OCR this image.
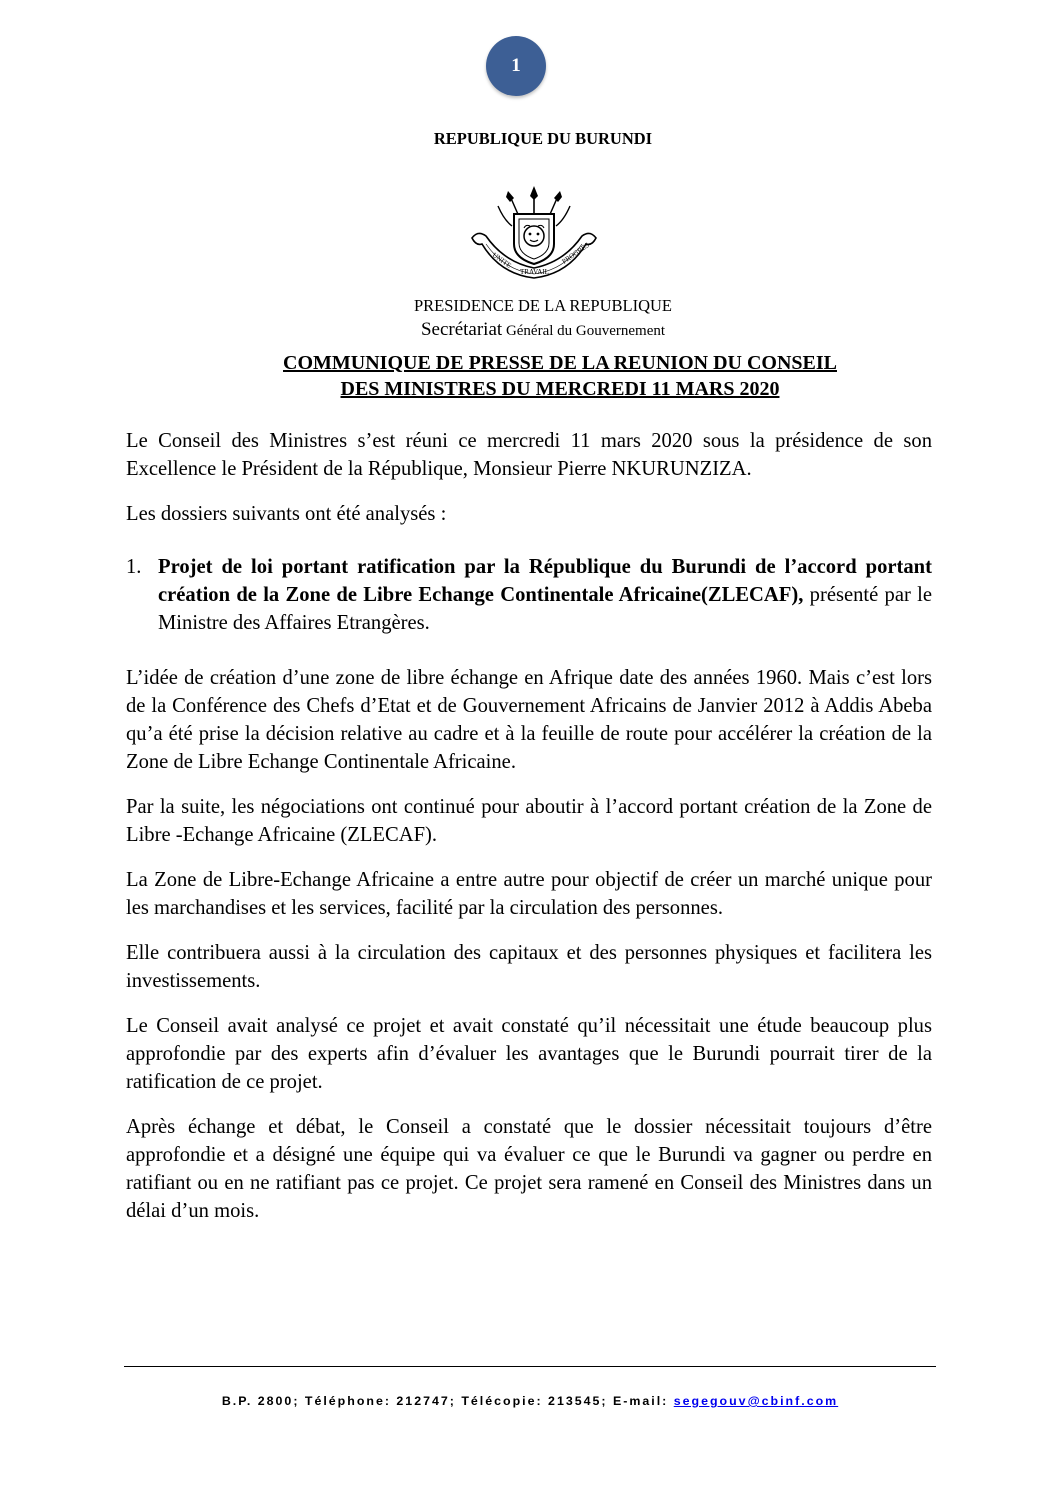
1
REPUBLIQUE DU BURUNDI
UNITE
TRAVAIL
PROGRES
PRESIDENCE DE LA REPUBLIQUE
Secrétariat Général du Gouvernement
COMMUNIQUE DE PRESSE DE LA REUNION DU CONSEIL
DES MINISTRES DU MERCREDI 11 MARS 2020

Le Conseil des Ministres s’est réuni ce mercredi 11 mars 2020 sous la présidence de son Excellence le Président de la République, Monsieur Pierre NKURUNZIZA.

Les dossiers suivants ont été analysés :

1. Projet de loi portant ratification par la République du Burundi de l’accord portant création de la Zone de Libre Echange Continentale Africaine(ZLECAF), présenté par le Ministre des Affaires Etrangères.

L’idée de création d’une zone de libre échange en Afrique date des années 1960. Mais c’est lors de la Conférence des Chefs d’Etat et de Gouvernement Africains de Janvier 2012 à Addis Abeba qu’a été prise la décision relative au cadre et à la feuille de route pour accélérer la création de la Zone de Libre Echange Continentale Africaine.

Par la suite, les négociations ont continué pour aboutir à l’accord portant création de la Zone de Libre -Echange Africaine (ZLECAF).

La Zone de Libre-Echange Africaine a entre autre pour objectif de créer un marché unique pour les marchandises et les services, facilité par la circulation des personnes.

Elle contribuera aussi à la circulation des capitaux et des personnes physiques et facilitera les investissements.

Le Conseil avait analysé ce projet et avait constaté qu’il nécessitait une étude beaucoup plus approfondie par des experts afin d’évaluer les avantages que le Burundi pourrait tirer de la ratification de ce projet.

Après échange et débat, le Conseil a constaté que le dossier nécessitait toujours d’être approfondie et a désigné une équipe qui va évaluer ce que le Burundi va gagner ou perdre en ratifiant ou en ne ratifiant pas ce projet. Ce projet sera ramené en Conseil des Ministres dans un délai d’un mois.

B.P. 2800; Téléphone: 212747; Télécopie: 213545; E-mail: segegouv@cbinf.com
